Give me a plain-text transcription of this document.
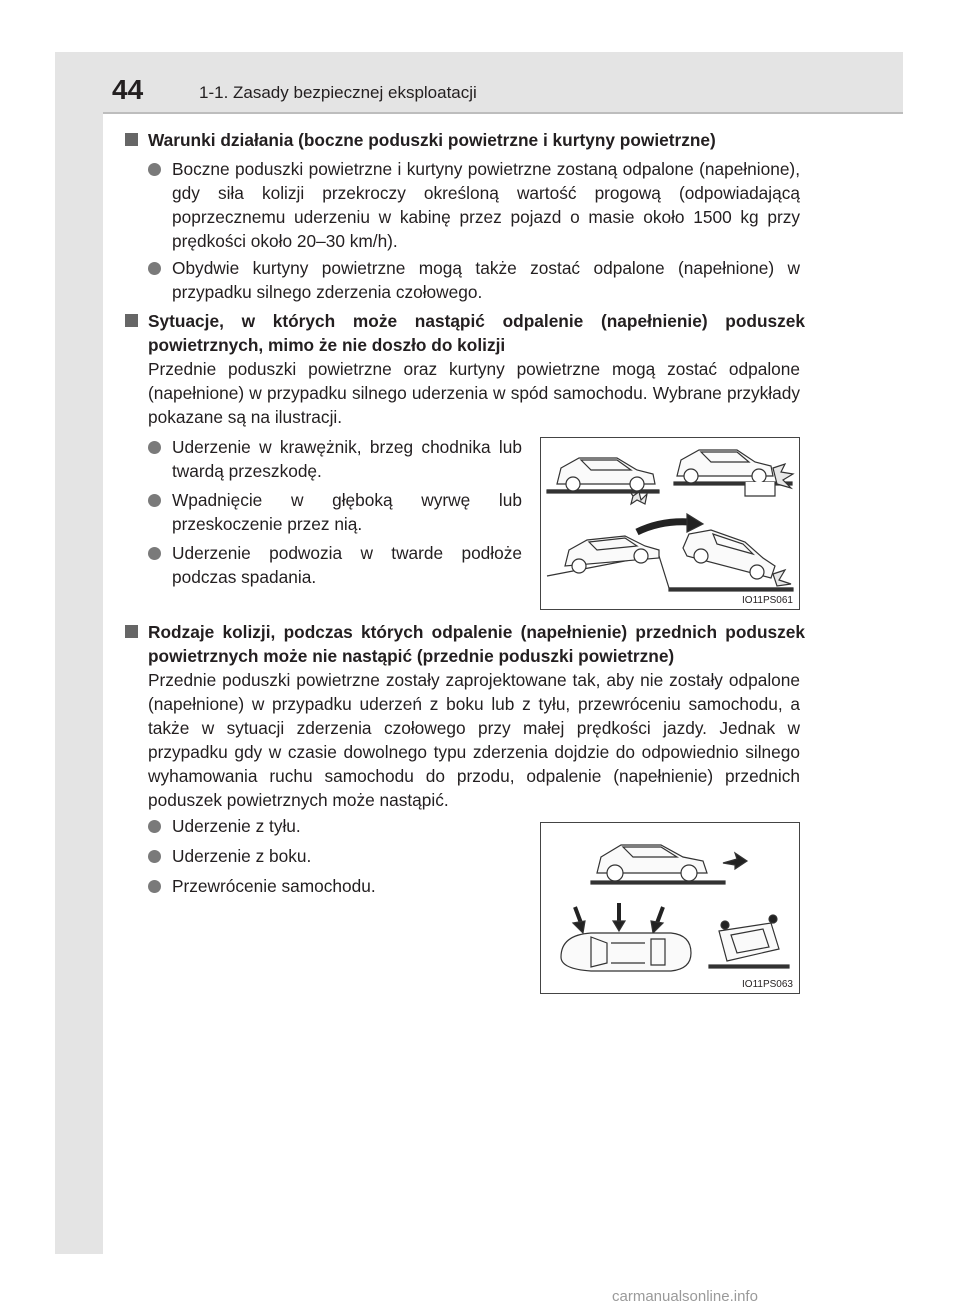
44	1-1. Zasady bezpiecznej eksploatacji
Warunki działania (boczne poduszki powietrzne i kurtyny powietrzne)
Boczne poduszki powietrzne i kurtyny powietrzne zostaną odpalone (napełnione), gdy siła kolizji przekroczy określoną wartość progową (odpowiadającą poprzecznemu uderzeniu w kabinę przez pojazd o masie około 1500 kg przy prędkości około 20–30 km/h).
Obydwie kurtyny powietrzne mogą także zostać odpalone (napełnione) w przypadku silnego zderzenia czołowego.
Sytuacje, w których może nastąpić odpalenie (napełnienie) poduszek powietrznych, mimo że nie doszło do kolizji
Przednie poduszki powietrzne oraz kurtyny powietrzne mogą zostać odpalone (napełnione) w przypadku silnego uderzenia w spód samochodu. Wybrane przykłady pokazane są na ilustracji.
Uderzenie w krawężnik, brzeg chodnika lub twardą przeszkodę.
Wpadnięcie w głęboką wyrwę lub przeskoczenie przez nią.
Uderzenie podwozia w twarde podłoże podczas spadania.
IO11PS061
Rodzaje kolizji, podczas których odpalenie (napełnienie) przednich poduszek powietrznych może nie nastąpić (przednie poduszki powietrzne)
Przednie poduszki powietrzne zostały zaprojektowane tak, aby nie zostały odpalone (napełnione) w przypadku uderzeń z boku lub z tyłu, przewróceniu samochodu, a także w sytuacji zderzenia czołowego przy małej prędkości jazdy. Jednak w przypadku gdy w czasie dowolnego typu zderzenia dojdzie do odpowiednio silnego wyhamowania ruchu samochodu do przodu, odpalenie (napełnienie) przednich poduszek powietrznych może nastąpić.
Uderzenie z tyłu.
Uderzenie z boku.
Przewrócenie samochodu.
IO11PS063
carmanualsonline.info
